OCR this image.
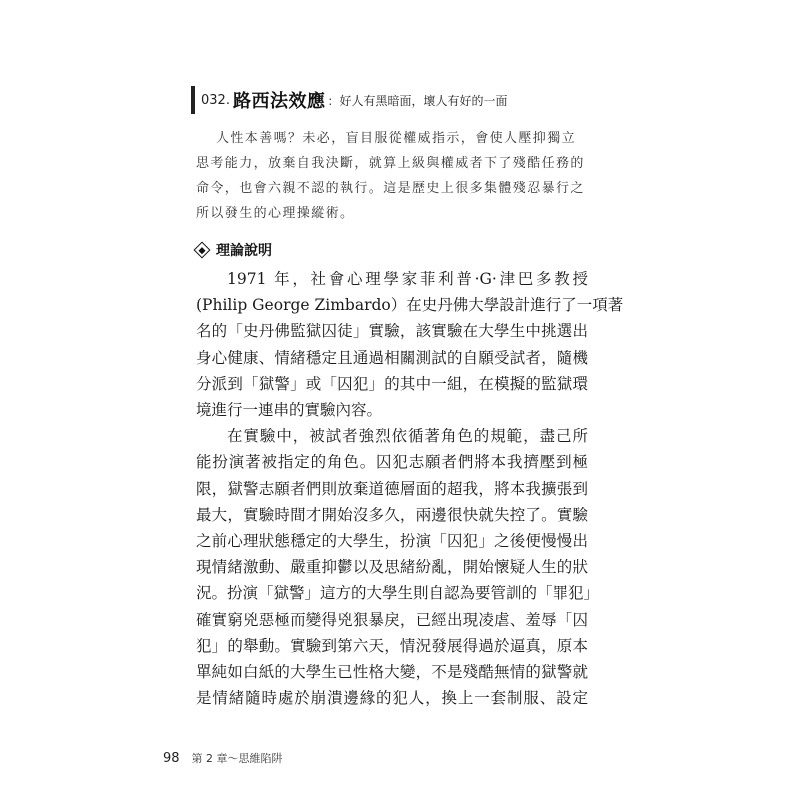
032. 路西法效應 ：好人有黑暗面，壞人有好的一面
人性本善嗎？未必，盲目服從權威指示，會使人壓抑獨立
思考能力，放棄自我決斷，就算上級與權威者下了殘酷任務的
命令，也會六親不認的執行。這是歷史上很多集體殘忍暴行之
所以發生的心理操縱術。
理論說明
1971 年，社會心理學家菲利普·G·津巴多教授
(Philip George Zimbardo）在史丹佛大學設計進行了一項著
名的「史丹佛監獄囚徒」實驗，該實驗在大學生中挑選出
身心健康、情緒穩定且通過相關測試的自願受試者，隨機
分派到「獄警」或「囚犯」的其中一組，在模擬的監獄環
境進行一連串的實驗內容。
在實驗中，被試者強烈依循著角色的規範，盡己所
能扮演著被指定的角色。囚犯志願者們將本我擠壓到極
限，獄警志願者們則放棄道德層面的超我，將本我擴張到
最大，實驗時間才開始沒多久，兩邊很快就失控了。實驗
之前心理狀態穩定的大學生，扮演「囚犯」之後便慢慢出
現情緒激動、嚴重抑鬱以及思緒紛亂，開始懷疑人生的狀
況。扮演「獄警」這方的大學生則自認為要管訓的「罪犯」
確實窮兇惡極而變得兇狠暴戾，已經出現凌虐、羞辱「囚
犯」的舉動。實驗到第六天，情況發展得過於逼真，原本
單純如白紙的大學生已性格大變，不是殘酷無情的獄警就
是情緒隨時處於崩潰邊緣的犯人，換上一套制服、設定
98 第 2 章～思維陷阱
